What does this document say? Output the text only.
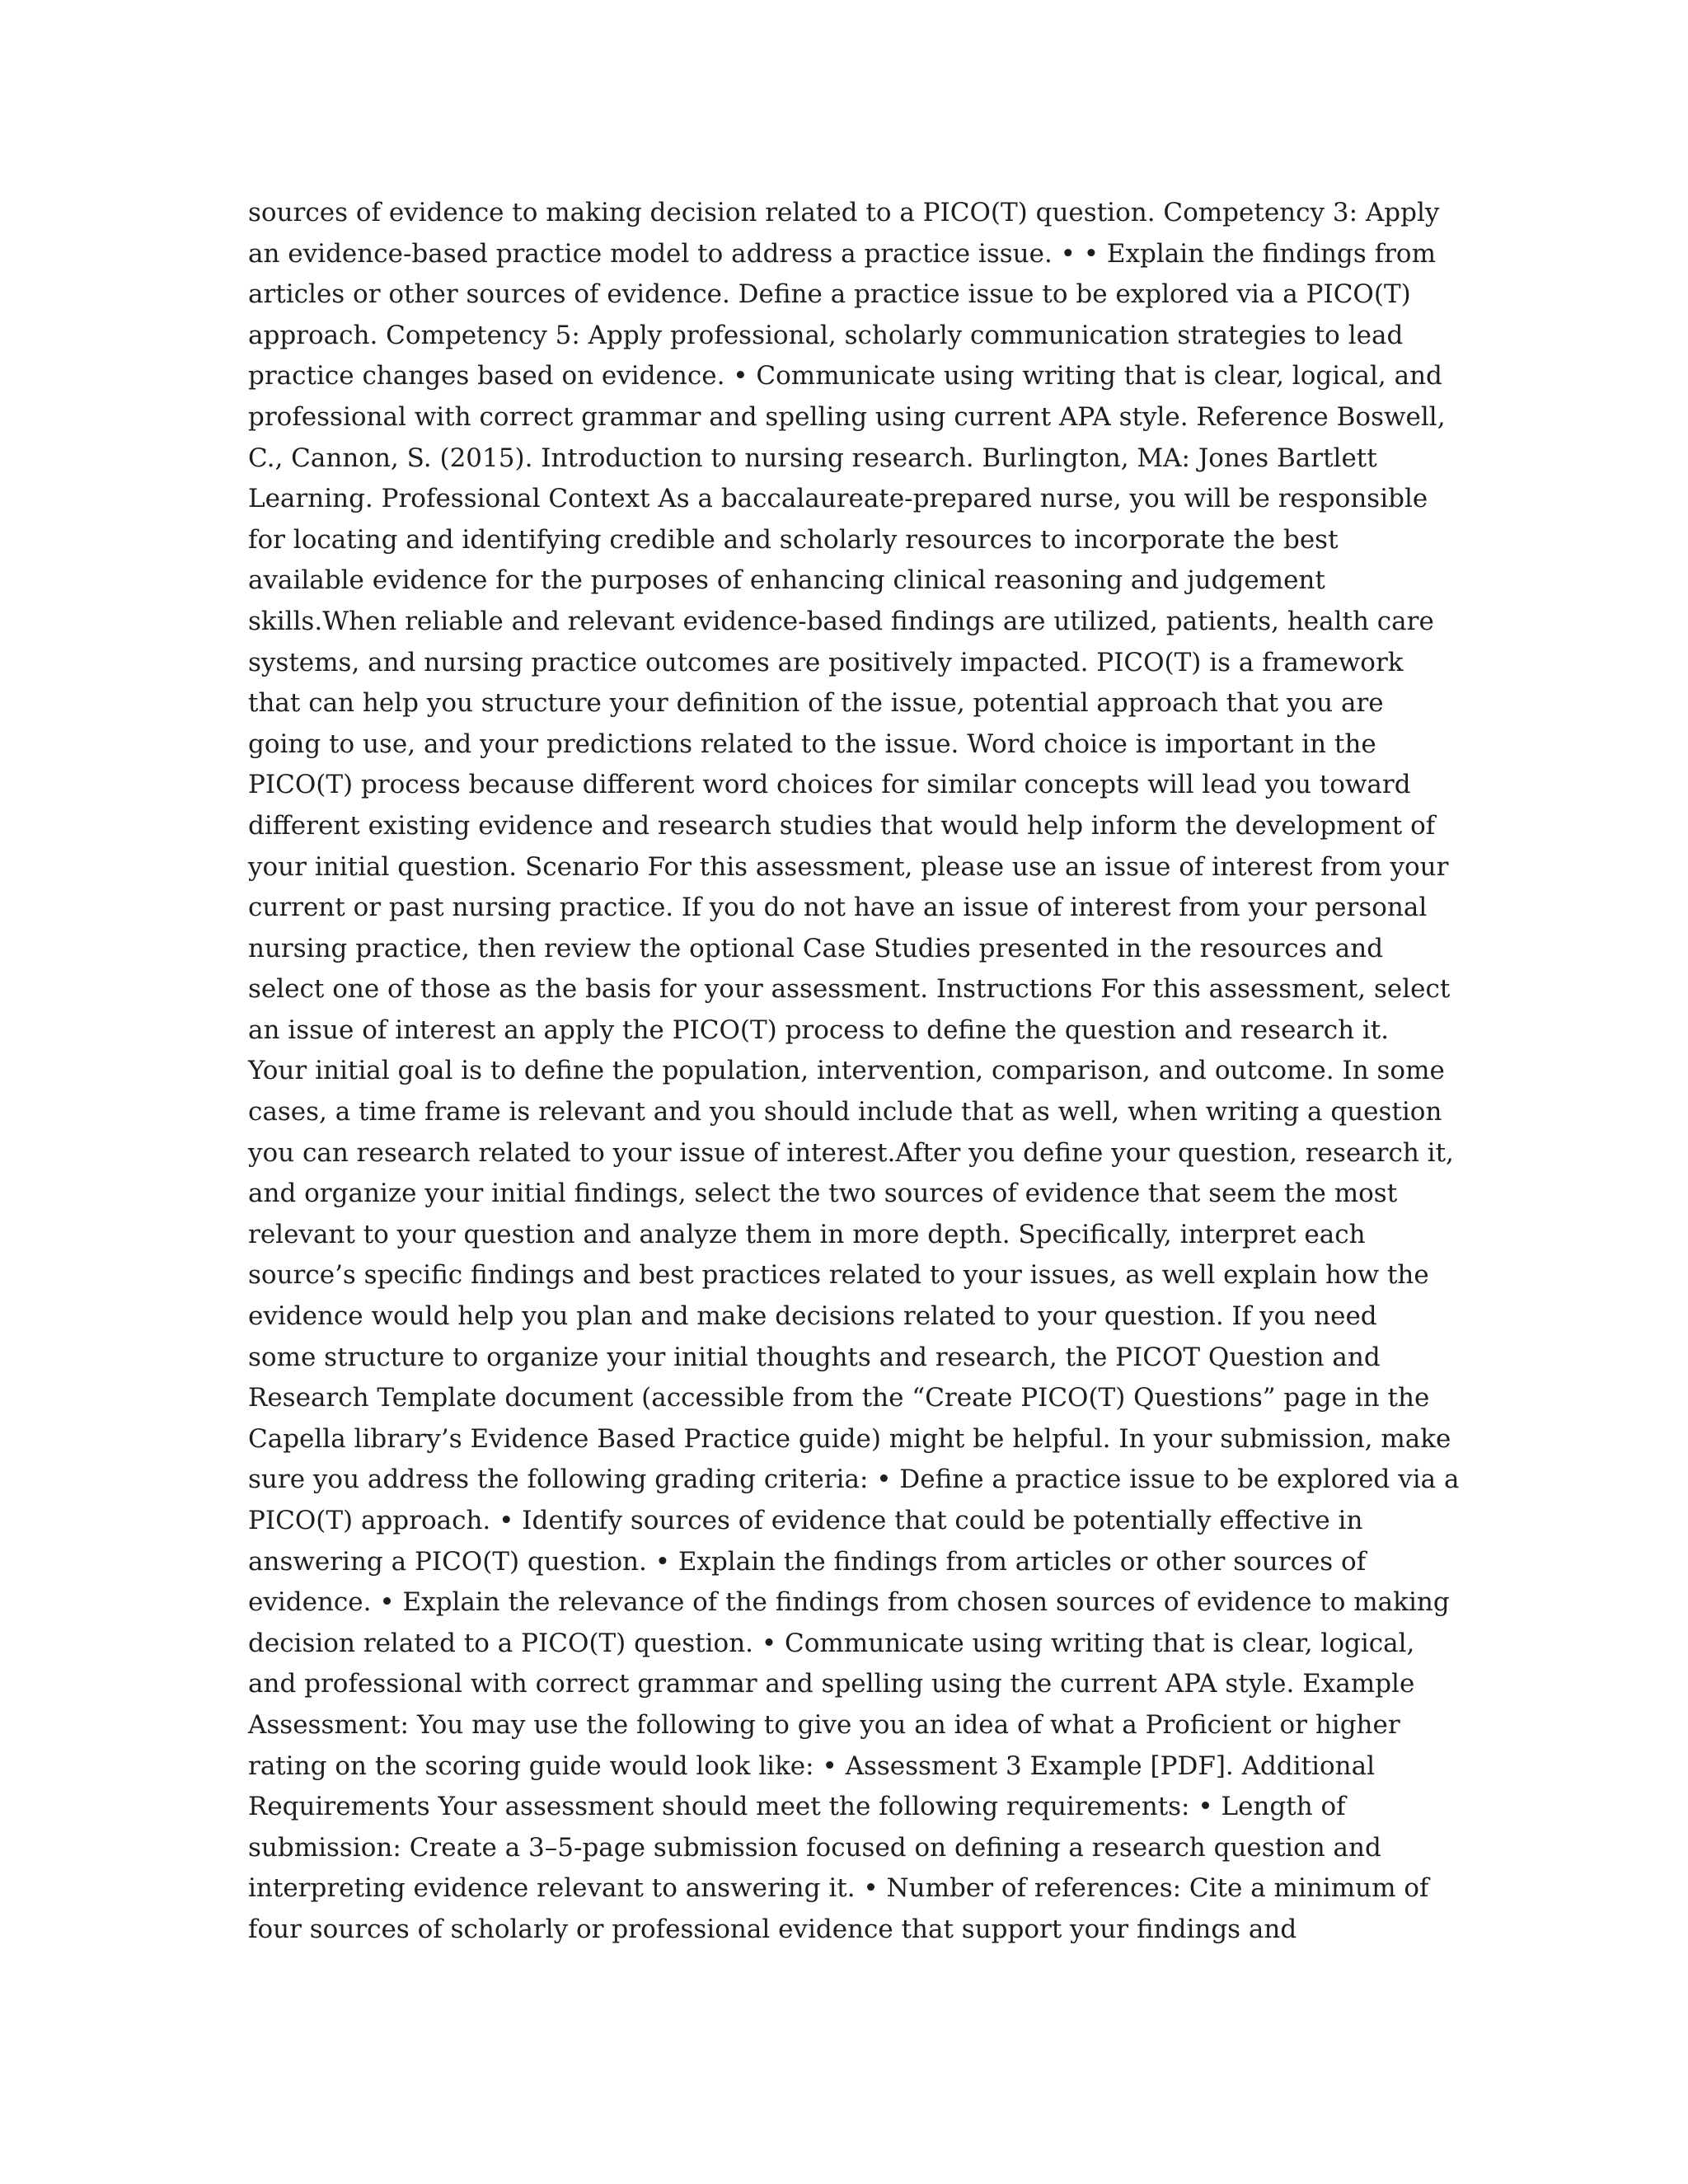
sources of evidence to making decision related to a PICO(T) question. Competency 3: Apply
an evidence-based practice model to address a practice issue. • • Explain the findings from
articles or other sources of evidence. Define a practice issue to be explored via a PICO(T)
approach. Competency 5: Apply professional, scholarly communication strategies to lead
practice changes based on evidence. • Communicate using writing that is clear, logical, and
professional with correct grammar and spelling using current APA style. Reference Boswell,
C., Cannon, S. (2015). Introduction to nursing research. Burlington, MA: Jones Bartlett
Learning. Professional Context As a baccalaureate-prepared nurse, you will be responsible
for locating and identifying credible and scholarly resources to incorporate the best
available evidence for the purposes of enhancing clinical reasoning and judgement
skills.When reliable and relevant evidence-based findings are utilized, patients, health care
systems, and nursing practice outcomes are positively impacted. PICO(T) is a framework
that can help you structure your definition of the issue, potential approach that you are
going to use, and your predictions related to the issue. Word choice is important in the
PICO(T) process because different word choices for similar concepts will lead you toward
different existing evidence and research studies that would help inform the development of
your initial question. Scenario For this assessment, please use an issue of interest from your
current or past nursing practice. If you do not have an issue of interest from your personal
nursing practice, then review the optional Case Studies presented in the resources and
select one of those as the basis for your assessment. Instructions For this assessment, select
an issue of interest an apply the PICO(T) process to define the question and research it.
Your initial goal is to define the population, intervention, comparison, and outcome. In some
cases, a time frame is relevant and you should include that as well, when writing a question
you can research related to your issue of interest.After you define your question, research it,
and organize your initial findings, select the two sources of evidence that seem the most
relevant to your question and analyze them in more depth. Specifically, interpret each
source’s specific findings and best practices related to your issues, as well explain how the
evidence would help you plan and make decisions related to your question. If you need
some structure to organize your initial thoughts and research, the PICOT Question and
Research Template document (accessible from the “Create PICO(T) Questions” page in the
Capella library’s Evidence Based Practice guide) might be helpful. In your submission, make
sure you address the following grading criteria: • Define a practice issue to be explored via a
PICO(T) approach. • Identify sources of evidence that could be potentially effective in
answering a PICO(T) question. • Explain the findings from articles or other sources of
evidence. • Explain the relevance of the findings from chosen sources of evidence to making
decision related to a PICO(T) question. • Communicate using writing that is clear, logical,
and professional with correct grammar and spelling using the current APA style. Example
Assessment: You may use the following to give you an idea of what a Proficient or higher
rating on the scoring guide would look like: • Assessment 3 Example [PDF]. Additional
Requirements Your assessment should meet the following requirements: • Length of
submission: Create a 3–5-page submission focused on defining a research question and
interpreting evidence relevant to answering it. • Number of references: Cite a minimum of
four sources of scholarly or professional evidence that support your findings and
